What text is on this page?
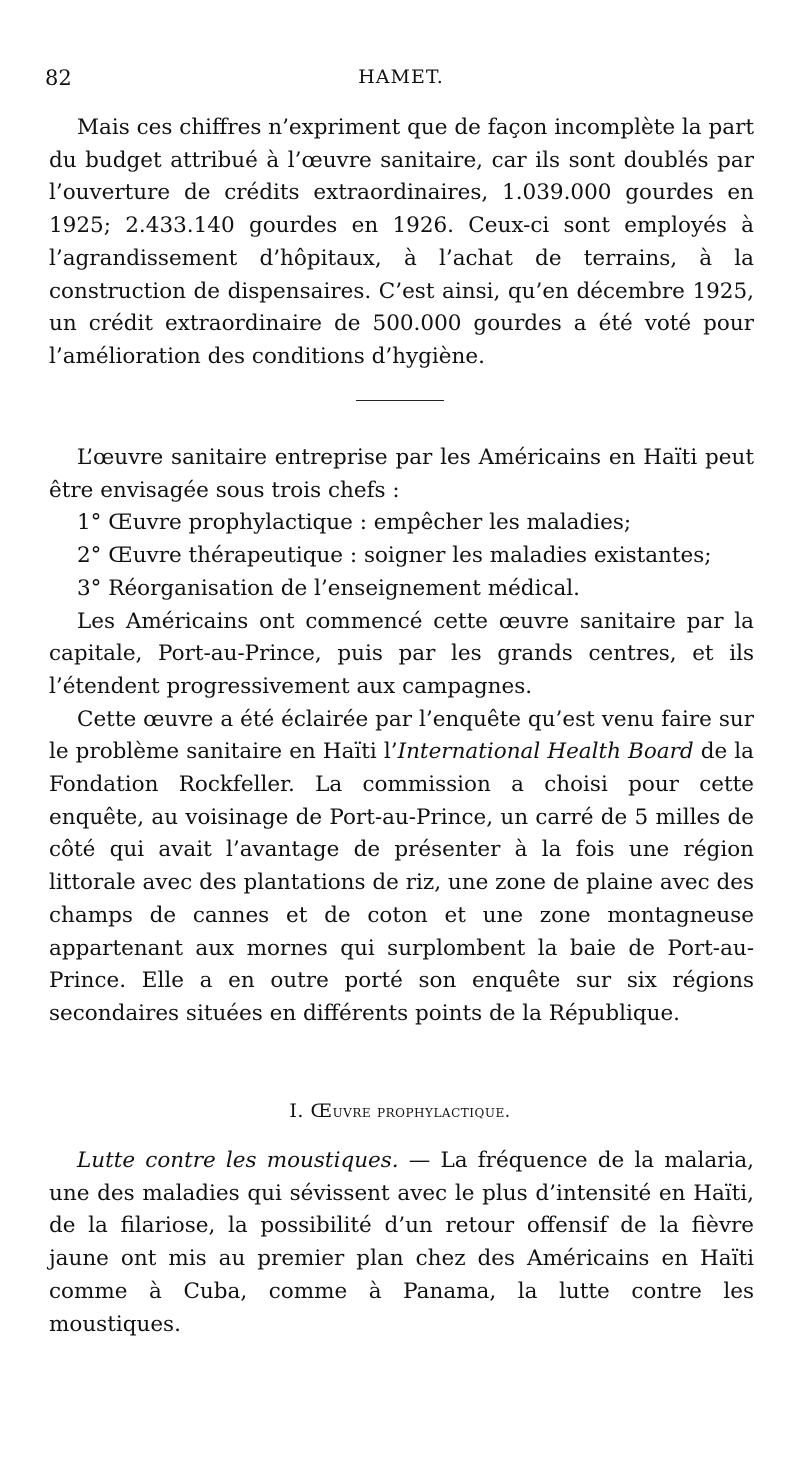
82	HAMET.

Mais ces chiffres n’expriment que de façon incomplète la part du budget attribué à l’œuvre sanitaire, car ils sont doublés par l’ouverture de crédits extraordinaires, 1.039.000 gourdes en 1925; 2.433.140 gourdes en 1926. Ceux-ci sont employés à l’agrandissement d’hôpitaux, à l’achat de terrains, à la construction de dispensaires. C’est ainsi, qu’en décembre 1925, un crédit extraordinaire de 500.000 gourdes a été voté pour l’amélioration des conditions d’hygiène.

L’œuvre sanitaire entreprise par les Américains en Haïti peut être envisagée sous trois chefs :

1° Œuvre prophylactique : empêcher les maladies;

2° Œuvre thérapeutique : soigner les maladies existantes;

3° Réorganisation de l’enseignement médical.

Les Américains ont commencé cette œuvre sanitaire par la capitale, Port-au-Prince, puis par les grands centres, et ils l’étendent progressivement aux campagnes.

Cette œuvre a été éclairée par l’enquête qu’est venu faire sur le problème sanitaire en Haïti l’International Health Board de la Fondation Rockfeller. La commission a choisi pour cette enquête, au voisinage de Port-au-Prince, un carré de 5 milles de côté qui avait l’avantage de présenter à la fois une région littorale avec des plantations de riz, une zone de plaine avec des champs de cannes et de coton et une zone montagneuse appartenant aux mornes qui surplombent la baie de Port-au-Prince. Elle a en outre porté son enquête sur six régions secondaires situées en différents points de la République.

I. Œuvre prophylactique.

Lutte contre les moustiques. — La fréquence de la malaria, une des maladies qui sévissent avec le plus d’intensité en Haïti, de la filariose, la possibilité d’un retour offensif de la fièvre jaune ont mis au premier plan chez des Américains en Haïti comme à Cuba, comme à Panama, la lutte contre les moustiques.
